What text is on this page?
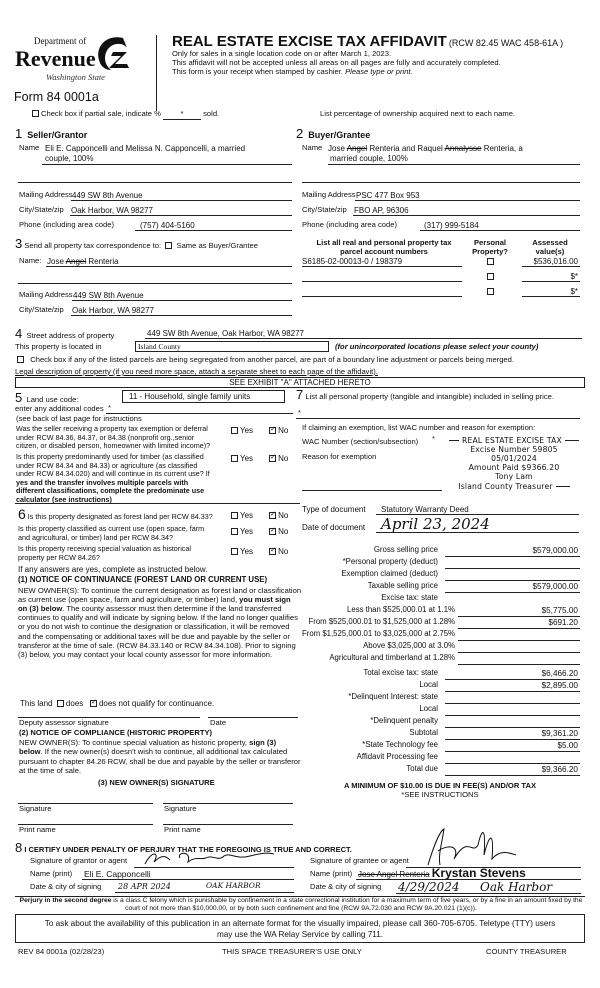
Department of
Revenue
Washington State
Form 84 0001a
REAL ESTATE EXCISE TAX AFFIDAVIT (RCW 82.45 WAC 458-61A )
Only for sales in a single location code on or after March 1, 2023.
This affidavit will not be accepted unless all areas on all pages are fully and accurately completed.
This form is your receipt when stamped by cashier. Please type or print.
Check box if partial sale, indicate %	*	sold.	List percentage of ownership acquired next to each name.
1 Seller/Grantor
Name Eli E. Capponcelli and Melissa N. Capponcelli, a married
couple, 100%
Mailing Address 449 SW 8th Avenue
City/State/zip Oak Harbor, WA 98277
Phone (including area code)	(757) 404-5160
2 Buyer/Grantee
Name Jose Angel Renteria and Raquel Annalysse Renteria, a
married couple, 100%
Mailing Address PSC 477 Box 953
City/State/zip FBO AP, 96306
Phone (including area code)	(317) 999-5184
3 Send all property tax correspondence to: Same as Buyer/Grantee
Name: Jose Angel Renteria
Mailing Address 449 SW 8th Avenue
City/State/zip Oak Harbor, WA 98277
List all real and personal property tax
parcel account numbers
Personal
Property?
Assessed
value(s)
S6185-02-00013-0 / 198379	$536,016.00
$*
$*
4 Street address of property	449 SW 8th Avenue, Oak Harbor, WA 98277
This property is located in	Island County	(for unincorporated locations please select your county)
Check box if any of the listed parcels are being segregated from another parcel, are part of a boundary line adjustment or parcels being merged.
Legal description of property (if you need more space, attach a separate sheet to each page of the affidavit).
SEE EXHIBIT "A" ATTACHED HERETO
5 Land use code:	11 - Household, single family units
enter any additional codes *
(see back of last page for instructions
Was the seller receiving a property tax exemption or deferral
under RCW 84.36, 84.37, or 84.38 (nonprofit org.,senior
citizen, or disabled person, homeowner with limited income)?
Yes ✓	No
Is this property predominantly used for timber (as classified
under RCW 84.34 and 84.33) or agriculture (as classified
under RCW 84.34.020) and will continue in its current use? If
yes and the transfer involves multiple parcels with
different classifications, complete the predominate use
calculator (see instructions)
Yes ✓	No
6 Is this property designated as forest land per RCW 84.33?	Yes ✓	No
Is this property classified as current use (open space, farm
and agricultural, or timber) land per RCW 84.34?
Yes ✓	No
Is this property receiving special valuation as historical
property per RCW 84.26?
Yes ✓	No
If any answers are yes, complete as instructed below.
(1) NOTICE OF CONTINUANCE (FOREST LAND OR CURRENT USE)
NEW OWNER(S): To continue the current designation as forest land or classification as current use (open space, farm and agriculture, or timber) land, you must sign on (3) below. The county assessor must then determine if the land transferred continues to qualify and will indicate by signing below. If the land no longer qualifies or you do not wish to continue the designation or classification, it will be removed and the compensating or additional taxes will be due and payable by the seller or transferor at the time of sale. (RCW 84.33.140 or RCW 84.34.108). Prior to signing (3) below, you may contact your local county assessor for more information.
This land does ✓ does not qualify for continuance.
Deputy assessor signature	Date
(2) NOTICE OF COMPLIANCE (HISTORIC PROPERTY)
NEW OWNER(S): To continue special valuation as historic property, sign (3) below. If the new owner(s) doesn't wish to continue, all additional tax calculated pursuant to chapter 84.26 RCW, shall be due and payable by the seller or transferor at the time of sale.
(3) NEW OWNER(S) SIGNATURE
Signature	Signature
Print name	Print name
7 List all personal property (tangible and intangible) included in selling price.
*
If claiming an exemption, list WAC number and reason for exemption:
WAC Number (section/subsection) *
Reason for exemption
REAL ESTATE EXCISE TAX
Excise Number 59805
05/01/2024
Amount Paid $9366.20
Tony Lam
Island County Treasurer
Type of document Statutory Warranty Deed
Date of document April 23, 2024
Gross selling price	$579,000.00
*Personal property (deduct)
Exemption claimed (deduct)
Taxable selling price	$579,000.00
Excise tax: state
Less than $525,000.01 at 1.1%	$5,775.00
From $525,000.01 to $1,525,000 at 1.28%	$691.20
From $1,525,000.01 to $3,025,000 at 2.75%
Above $3,025,000 at 3.0%
Agricultural and timberland at 1.28%
Total excise tax: state	$6,466.20
Local	$2,895.00
*Delinquent Interest: state
Local
*Delinquent penalty
Subtotal	$9,361.20
*State Technology fee	$5.00
Affidavit Processing fee
Total due	$9,366.20
A MINIMUM OF $10.00 IS DUE IN FEE(S) AND/OR TAX
*SEE INSTRUCTIONS
8 I CERTIFY UNDER PENALTY OF PERJURY THAT THE FOREGOING IS TRUE AND CORRECT.
Signature of grantor or agent
Name (print) Eli E. Capponcelli
Date & city of signing 28 APR 2024	OAK HARBOR
Signature of grantee or agent
Name (print) Jose Angel Renteria Krystan Stevens
Date & city of signing 4/29/2024 Oak Harbor
Perjury in the second degree is a class C felony which is punishable by confinement in a state correctional institution for a maximum term of five years, or by a fine in an amount fixed by the court of not more than $10,000.00, or by both such confinement and fine (RCW 9A.72.030 and RCW 9A.20.021 (1)(c)).
To ask about the availability of this publication in an alternate format for the visually impaired, please call 360-705-6705. Teletype (TTY) users may use the WA Relay Service by calling 711.
REV 84 0001a (02/28/23)	THIS SPACE TREASURER'S USE ONLY	COUNTY TREASURER
